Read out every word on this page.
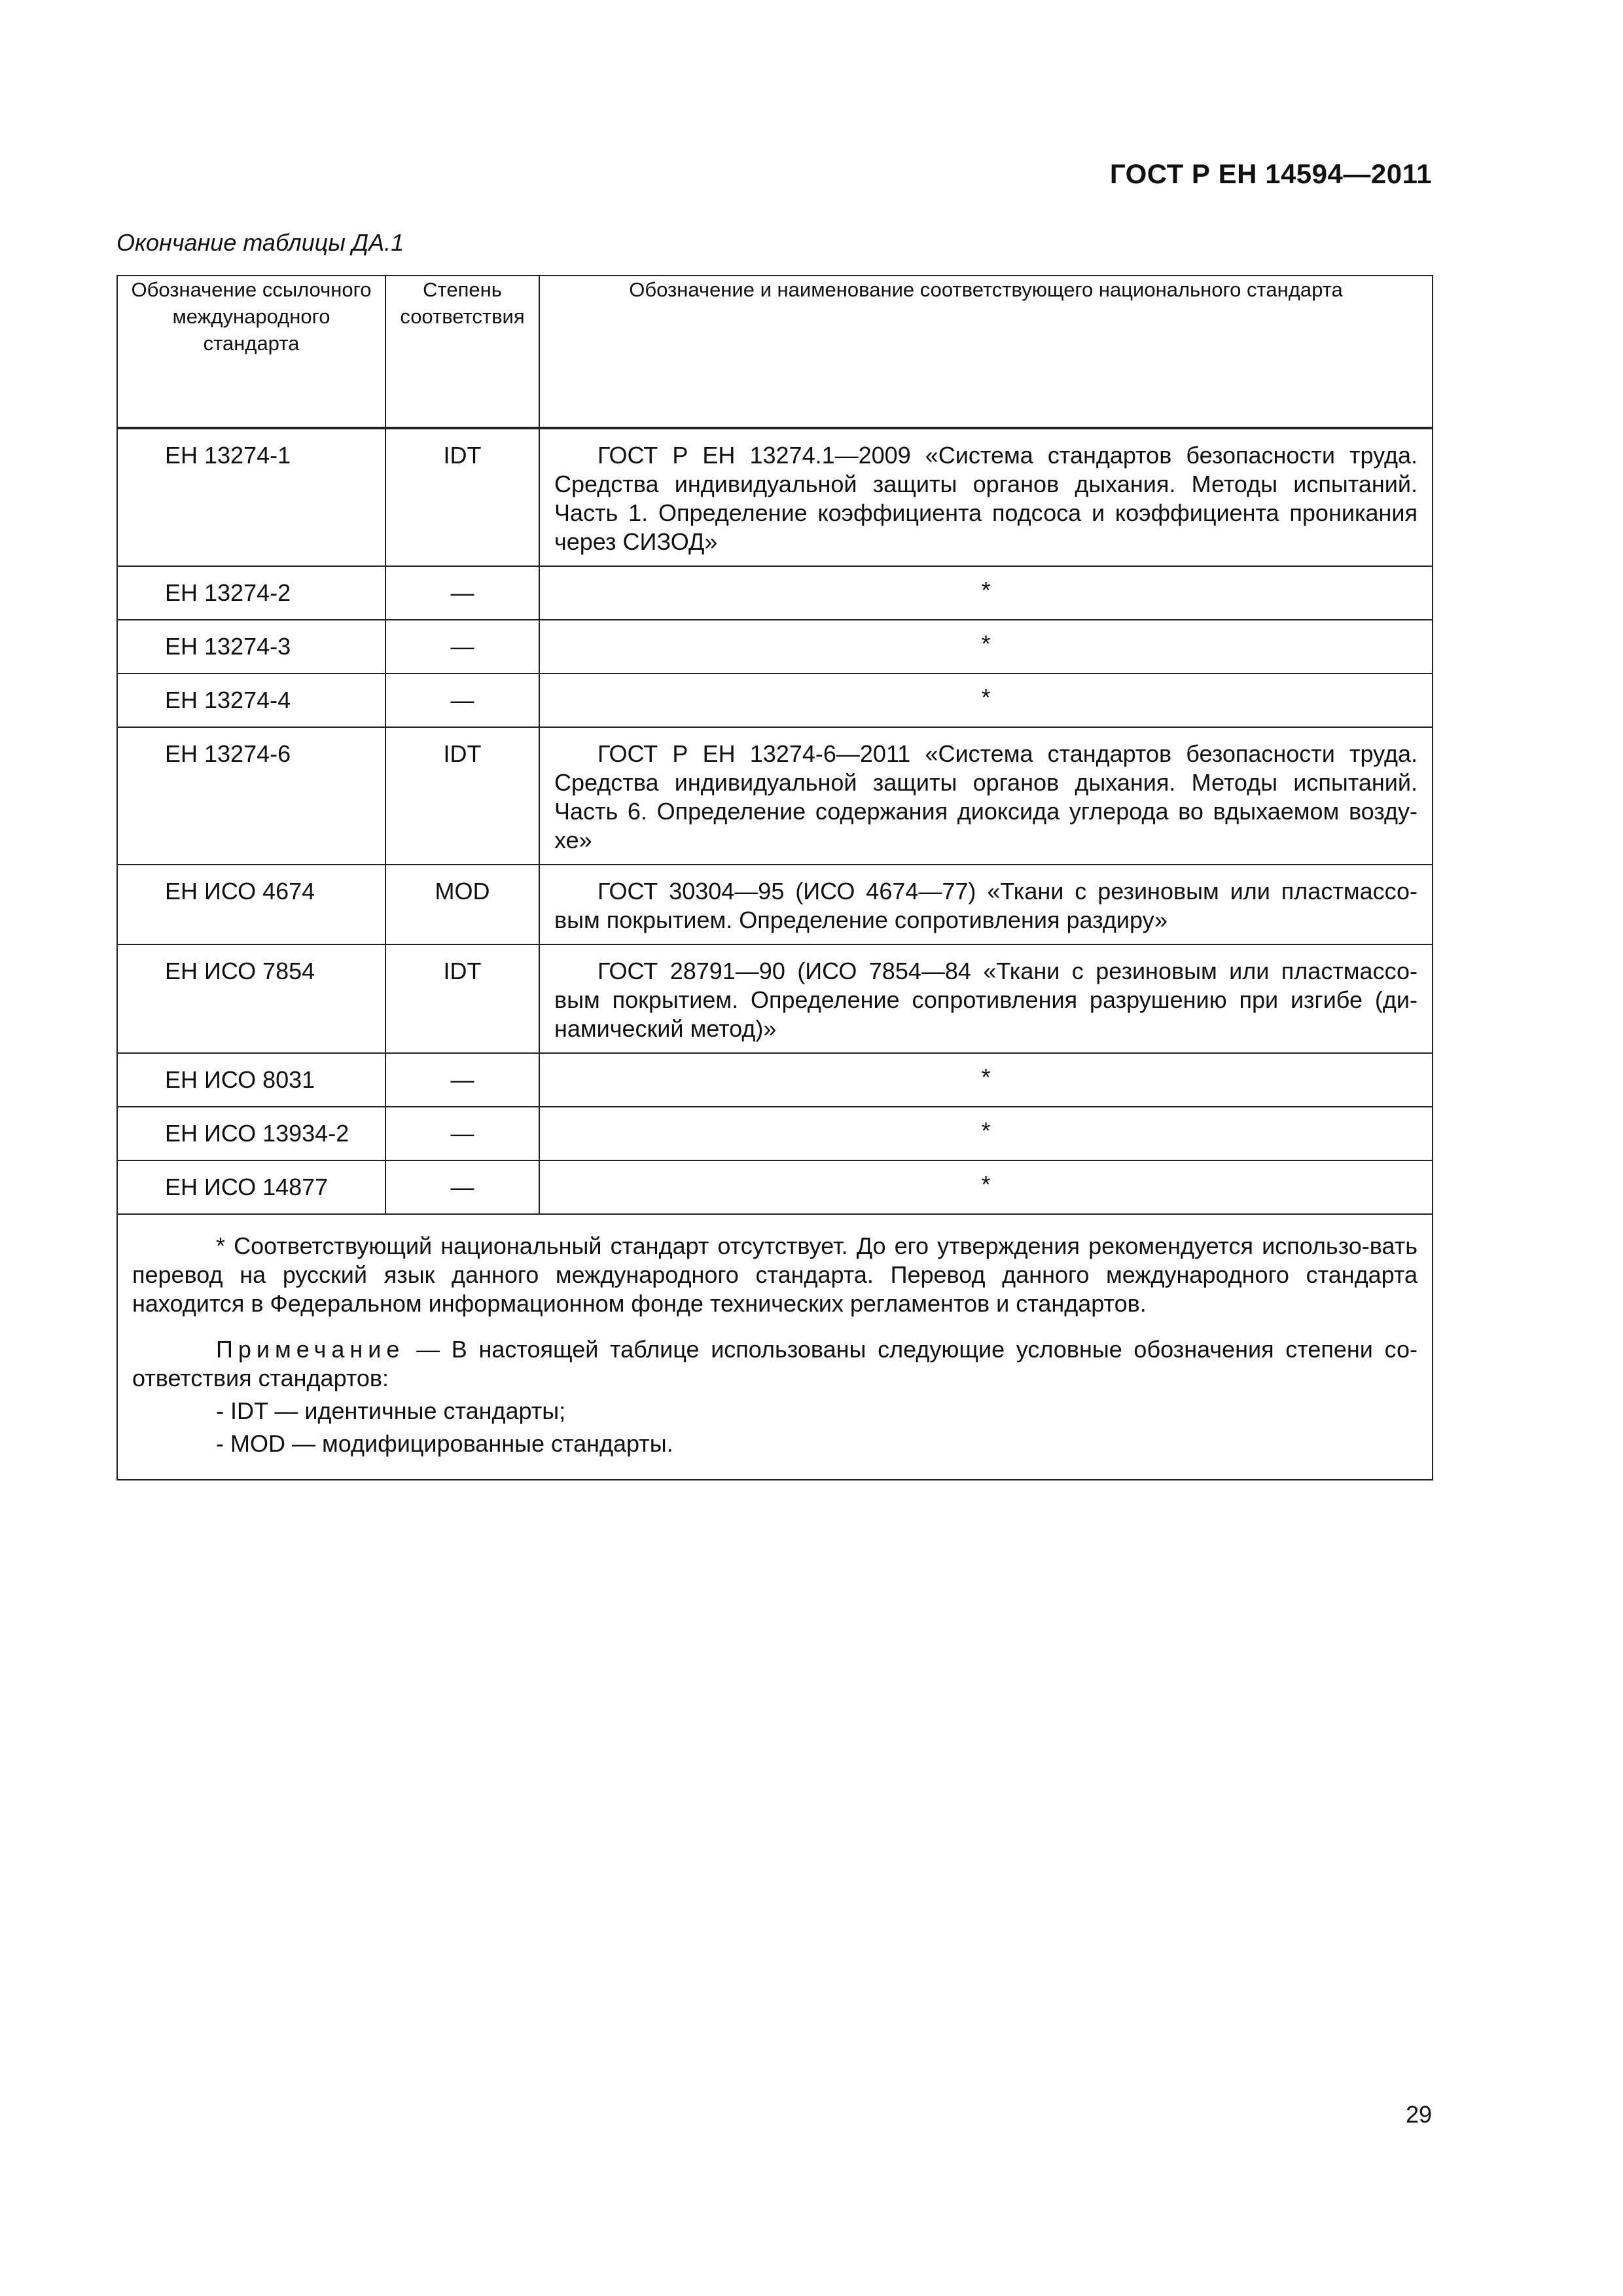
ГОСТ Р ЕН 14594—2011
Окончание таблицы ДА.1
Обозначение ссылочного международного стандарта	Степень соответствия	Обозначение и наименование соответствующего национального стандарта
ЕН 13274-1	IDT	ГОСТ Р ЕН 13274.1—2009 «Система стандартов безопасности труда. Средства индивидуальной защиты органов дыхания. Методы испытаний. Часть 1. Определение коэффициента подсоса и коэффициента проникания через СИЗОД»

ЕН 13274-2	—	*
ЕН 13274-3	—	*
ЕН 13274-4	—	*
ЕН 13274-6	IDT	ГОСТ Р ЕН 13274-6—2011 «Система стандартов безопасности труда. Средства индивидуальной защиты органов дыхания. Методы испытаний. Часть 6. Определение содержания диоксида углерода во вдыхаемом возду-хе»

ЕН ИСО 4674	MOD	ГОСТ 30304—95 (ИСО 4674—77) «Ткани с резиновым или пластмассо-вым покрытием. Определение сопротивления раздиру»

ЕН ИСО 7854	IDT	ГОСТ 28791—90 (ИСО 7854—84 «Ткани с резиновым или пластмассо-вым покрытием. Определение сопротивления разрушению при изгибе (ди-намический метод)»

ЕН ИСО 8031	—	*
ЕН ИСО 13934-2	—	*
ЕН ИСО 14877	—	*

* Соответствующий национальный стандарт отсутствует. До его утверждения рекомендуется использо-вать перевод на русский язык данного международного стандарта. Перевод данного международного стандарта находится в Федеральном информационном фонде технических регламентов и стандартов.

Примечание — В настоящей таблице использованы следующие условные обозначения степени со-ответствия стандартов:

- IDT — идентичные стандарты;
- MOD — модифицированные стандарты.		
29
